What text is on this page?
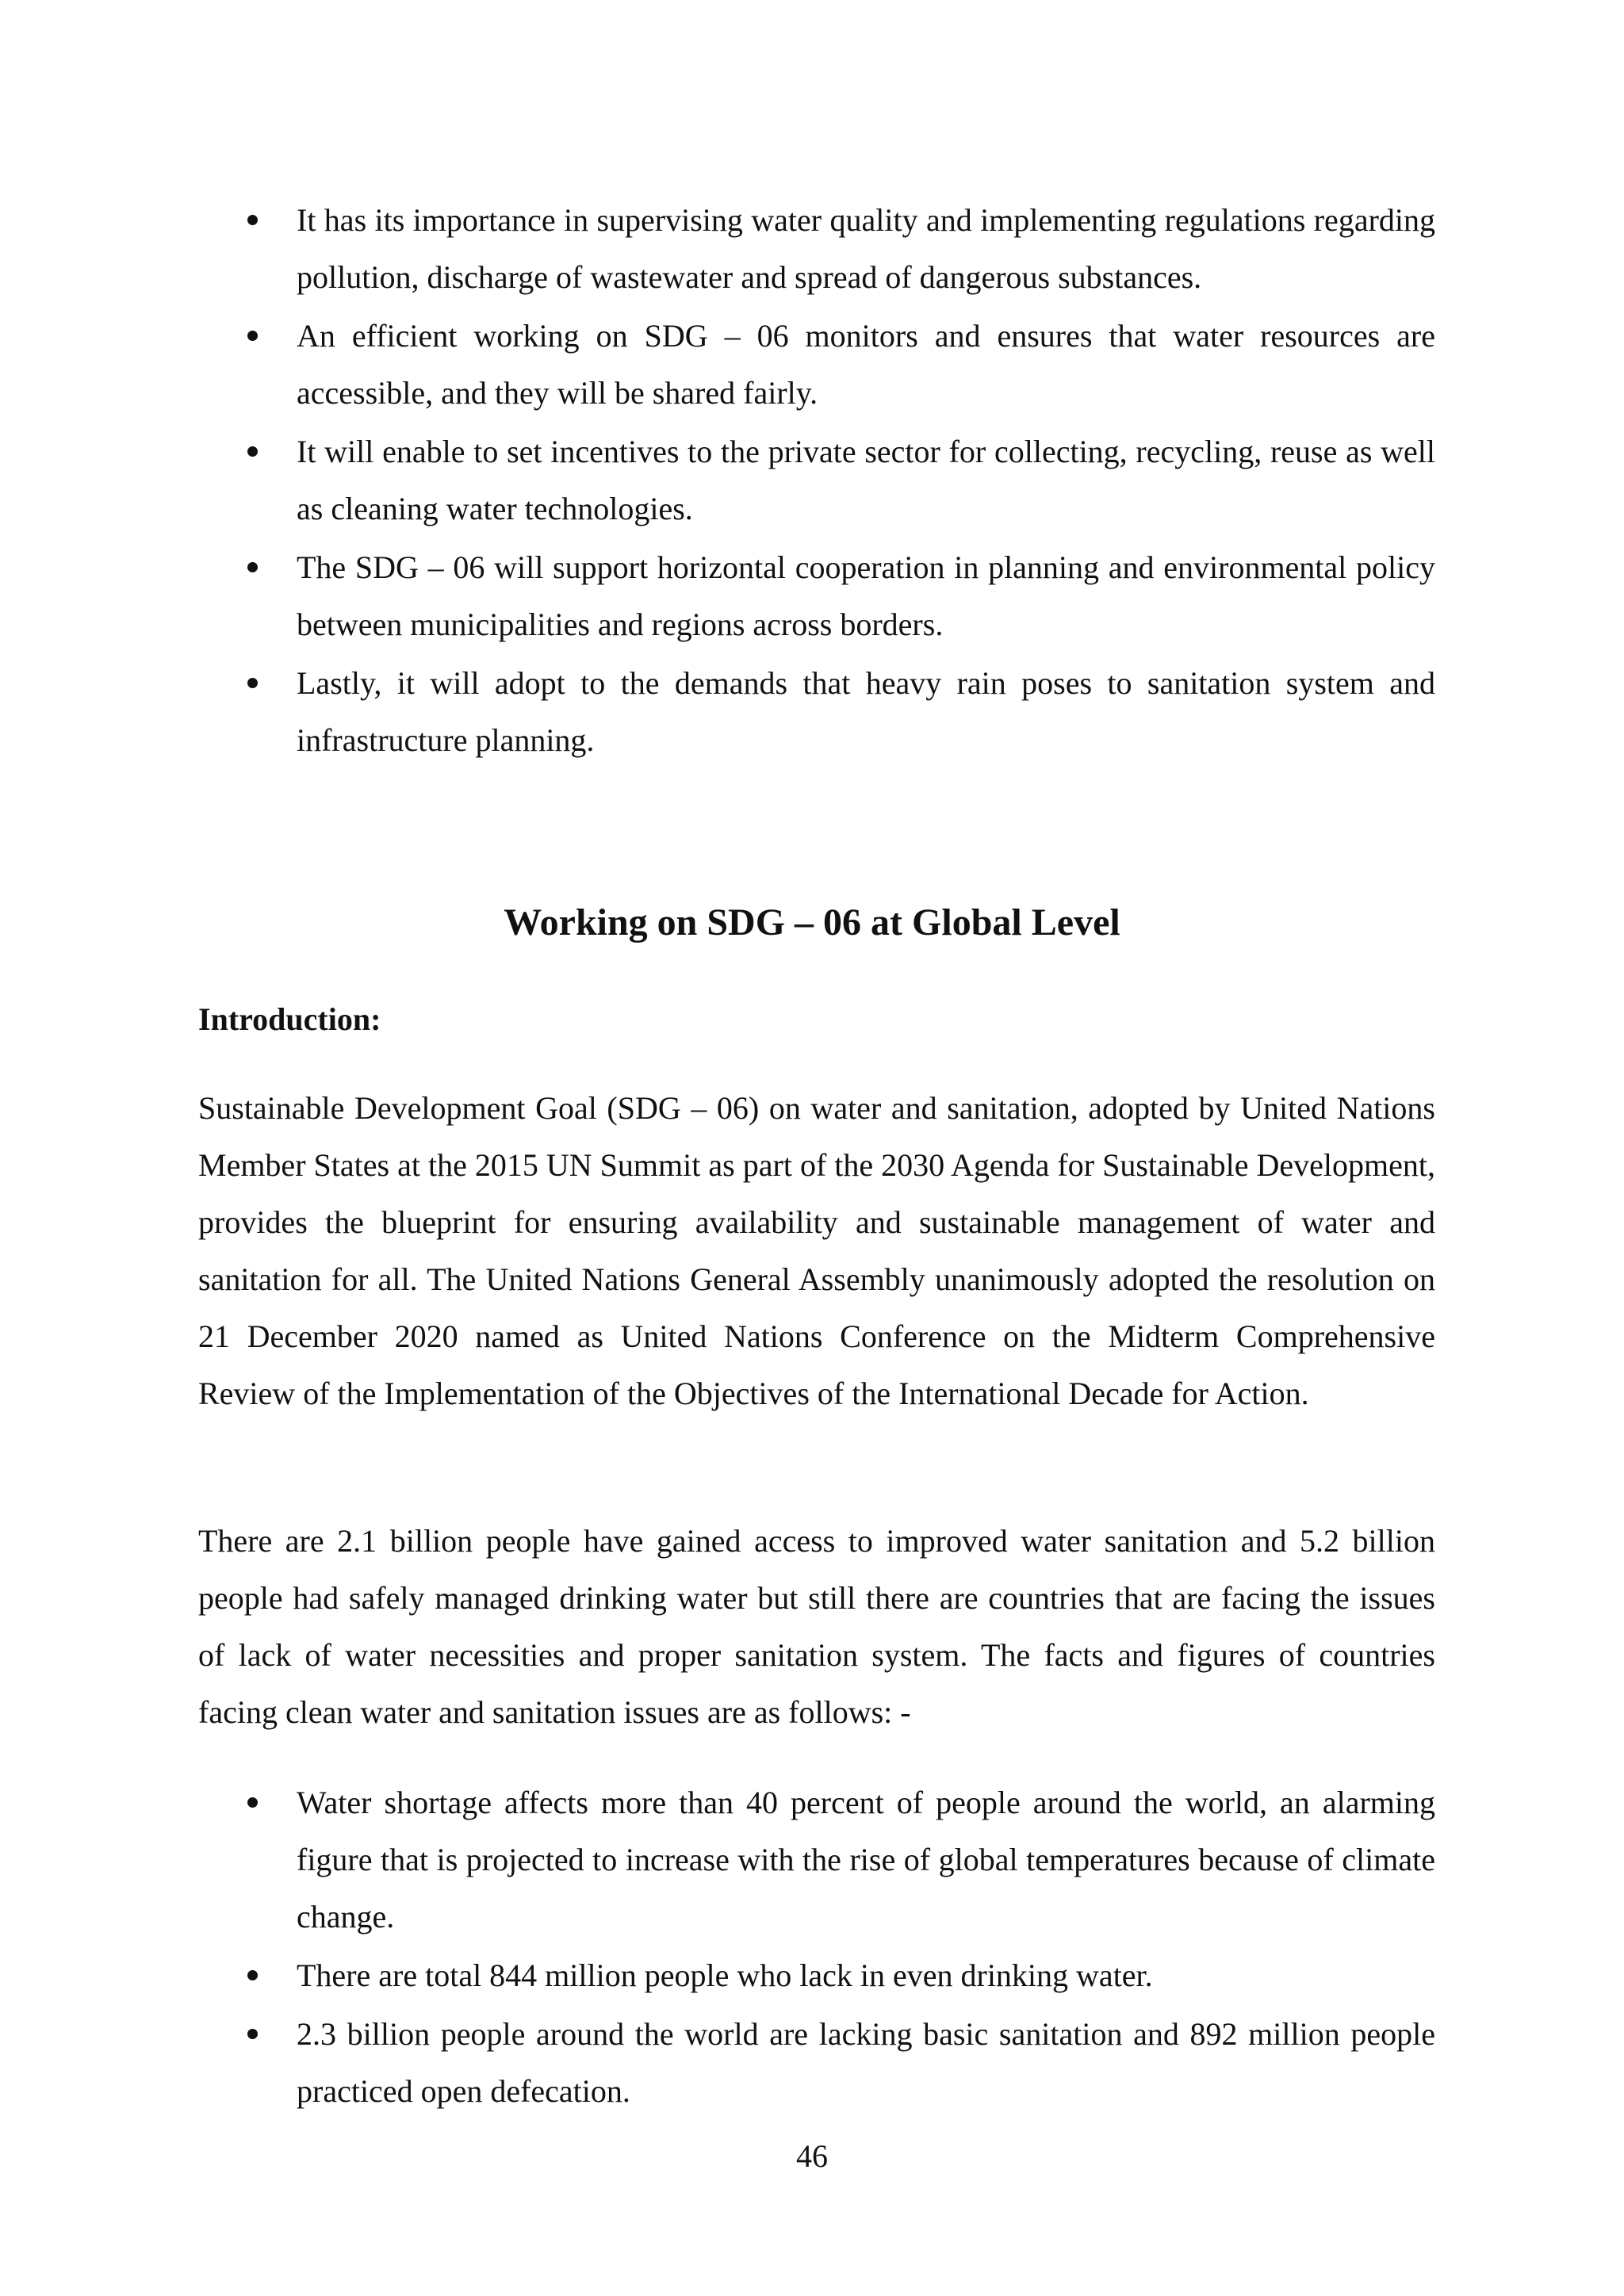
It has its importance in supervising water quality and implementing regulations regarding pollution, discharge of wastewater and spread of dangerous substances.
An efficient working on SDG – 06 monitors and ensures that water resources are accessible, and they will be shared fairly.
It will enable to set incentives to the private sector for collecting, recycling, reuse as well as cleaning water technologies.
The SDG – 06 will support horizontal cooperation in planning and environmental policy between municipalities and regions across borders.
Lastly, it will adopt to the demands that heavy rain poses to sanitation system and infrastructure planning.
Working on SDG – 06 at Global Level
Introduction:

Sustainable Development Goal (SDG – 06) on water and sanitation, adopted by United Nations Member States at the 2015 UN Summit as part of the 2030 Agenda for Sustainable Development, provides the blueprint for ensuring availability and sustainable management of water and sanitation for all. The United Nations General Assembly unanimously adopted the resolution on 21 December 2020 named as United Nations Conference on the Midterm Comprehensive Review of the Implementation of the Objectives of the International Decade for Action.

There are 2.1 billion people have gained access to improved water sanitation and 5.2 billion people had safely managed drinking water but still there are countries that are facing the issues of lack of water necessities and proper sanitation system. The facts and figures of countries facing clean water and sanitation issues are as follows: -

Water shortage affects more than 40 percent of people around the world, an alarming figure that is projected to increase with the rise of global temperatures because of climate change.
There are total 844 million people who lack in even drinking water.
2.3 billion people around the world are lacking basic sanitation and 892 million people practiced open defecation.
46
